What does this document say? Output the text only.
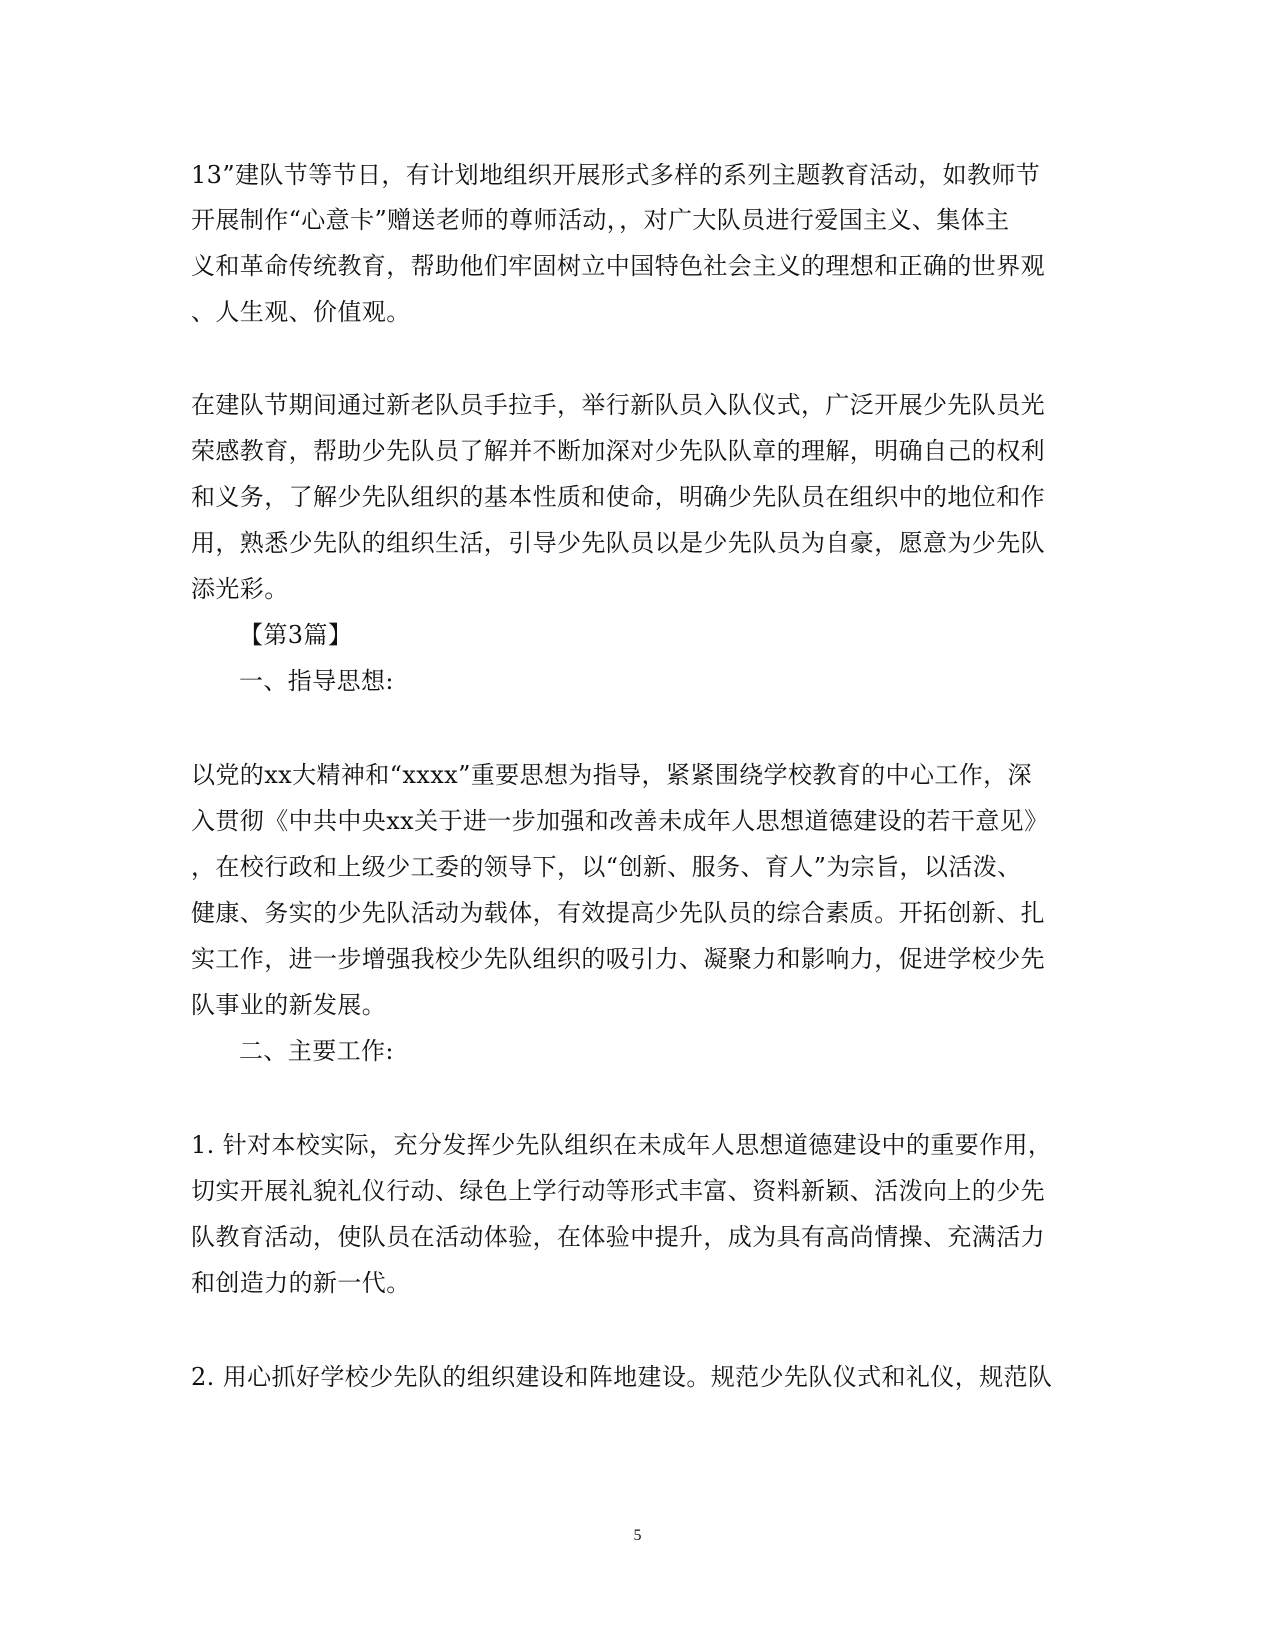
13”建队节等节日，有计划地组织开展形式多样的系列主题教育活动，如教师节
开展制作“心意卡”赠送老师的尊师活动，，对广大队员进行爱国主义、集体主
义和革命传统教育，帮助他们牢固树立中国特色社会主义的理想和正确的世界观
、人生观、价值观。
在建队节期间通过新老队员手拉手，举行新队员入队仪式，广泛开展少先队员光
荣感教育，帮助少先队员了解并不断加深对少先队队章的理解，明确自己的权利
和义务，了解少先队组织的基本性质和使命，明确少先队员在组织中的地位和作
用，熟悉少先队的组织生活，引导少先队员以是少先队员为自豪，愿意为少先队
添光彩。
【第3篇】
一、指导思想:
以党的xx大精神和“xxxx”重要思想为指导，紧紧围绕学校教育的中心工作，深
入贯彻《中共中央xx关于进一步加强和改善未成年人思想道德建设的若干意见》
，在校行政和上级少工委的领导下，以“创新、服务、育人”为宗旨，以活泼、
健康、务实的少先队活动为载体，有效提高少先队员的综合素质。开拓创新、扎
实工作，进一步增强我校少先队组织的吸引力、凝聚力和影响力，促进学校少先
队事业的新发展。
二、主要工作:
1. 针对本校实际，充分发挥少先队组织在未成年人思想道德建设中的重要作用，
切实开展礼貌礼仪行动、绿色上学行动等形式丰富、资料新颖、活泼向上的少先
队教育活动，使队员在活动体验，在体验中提升，成为具有高尚情操、充满活力
和创造力的新一代。
2. 用心抓好学校少先队的组织建设和阵地建设。规范少先队仪式和礼仪，规范队
5
